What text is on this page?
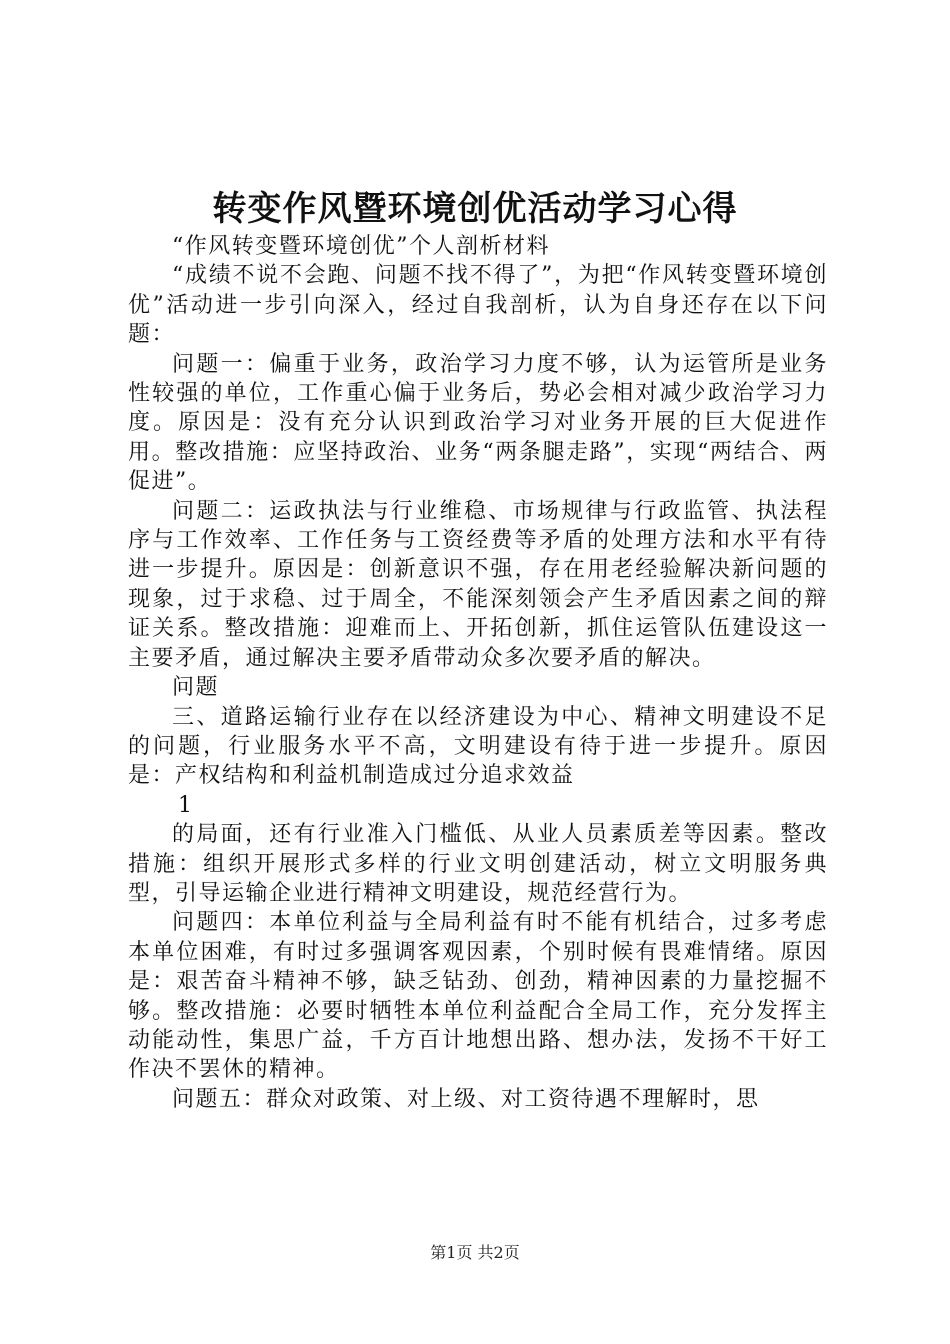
转变作风暨环境创优活动学习心得

“作风转变暨环境创优”个人剖析材料

“成绩不说不会跑、问题不找不得了”，为把“作风转变暨环境创优”活动进一步引向深入，经过自我剖析，认为自身还存在以下问题：

问题一：偏重于业务，政治学习力度不够，认为运管所是业务性较强的单位，工作重心偏于业务后，势必会相对减少政治学习力度。原因是：没有充分认识到政治学习对业务开展的巨大促进作用。整改措施：应坚持政治、业务“两条腿走路”，实现“两结合、两促进”。

问题二：运政执法与行业维稳、市场规律与行政监管、执法程序与工作效率、工作任务与工资经费等矛盾的处理方法和水平有待进一步提升。原因是：创新意识不强，存在用老经验解决新问题的现象，过于求稳、过于周全，不能深刻领会产生矛盾因素之间的辩证关系。整改措施：迎难而上、开拓创新，抓住运管队伍建设这一主要矛盾，通过解决主要矛盾带动众多次要矛盾的解决。

问题

三、道路运输行业存在以经济建设为中心、精神文明建设不足的问题，行业服务水平不高，文明建设有待于进一步提升。原因是：产权结构和利益机制造成过分追求效益

1

的局面，还有行业准入门槛低、从业人员素质差等因素。整改措施：组织开展形式多样的行业文明创建活动，树立文明服务典型，引导运输企业进行精神文明建设，规范经营行为。

问题四：本单位利益与全局利益有时不能有机结合，过多考虑本单位困难，有时过多强调客观因素，个别时候有畏难情绪。原因是：艰苦奋斗精神不够，缺乏钻劲、创劲，精神因素的力量挖掘不够。整改措施：必要时牺牲本单位利益配合全局工作，充分发挥主动能动性，集思广益，千方百计地想出路、想办法，发扬不干好工作决不罢休的精神。

问题五：群众对政策、对上级、对工资待遇不理解时，思

第1页 共2页
